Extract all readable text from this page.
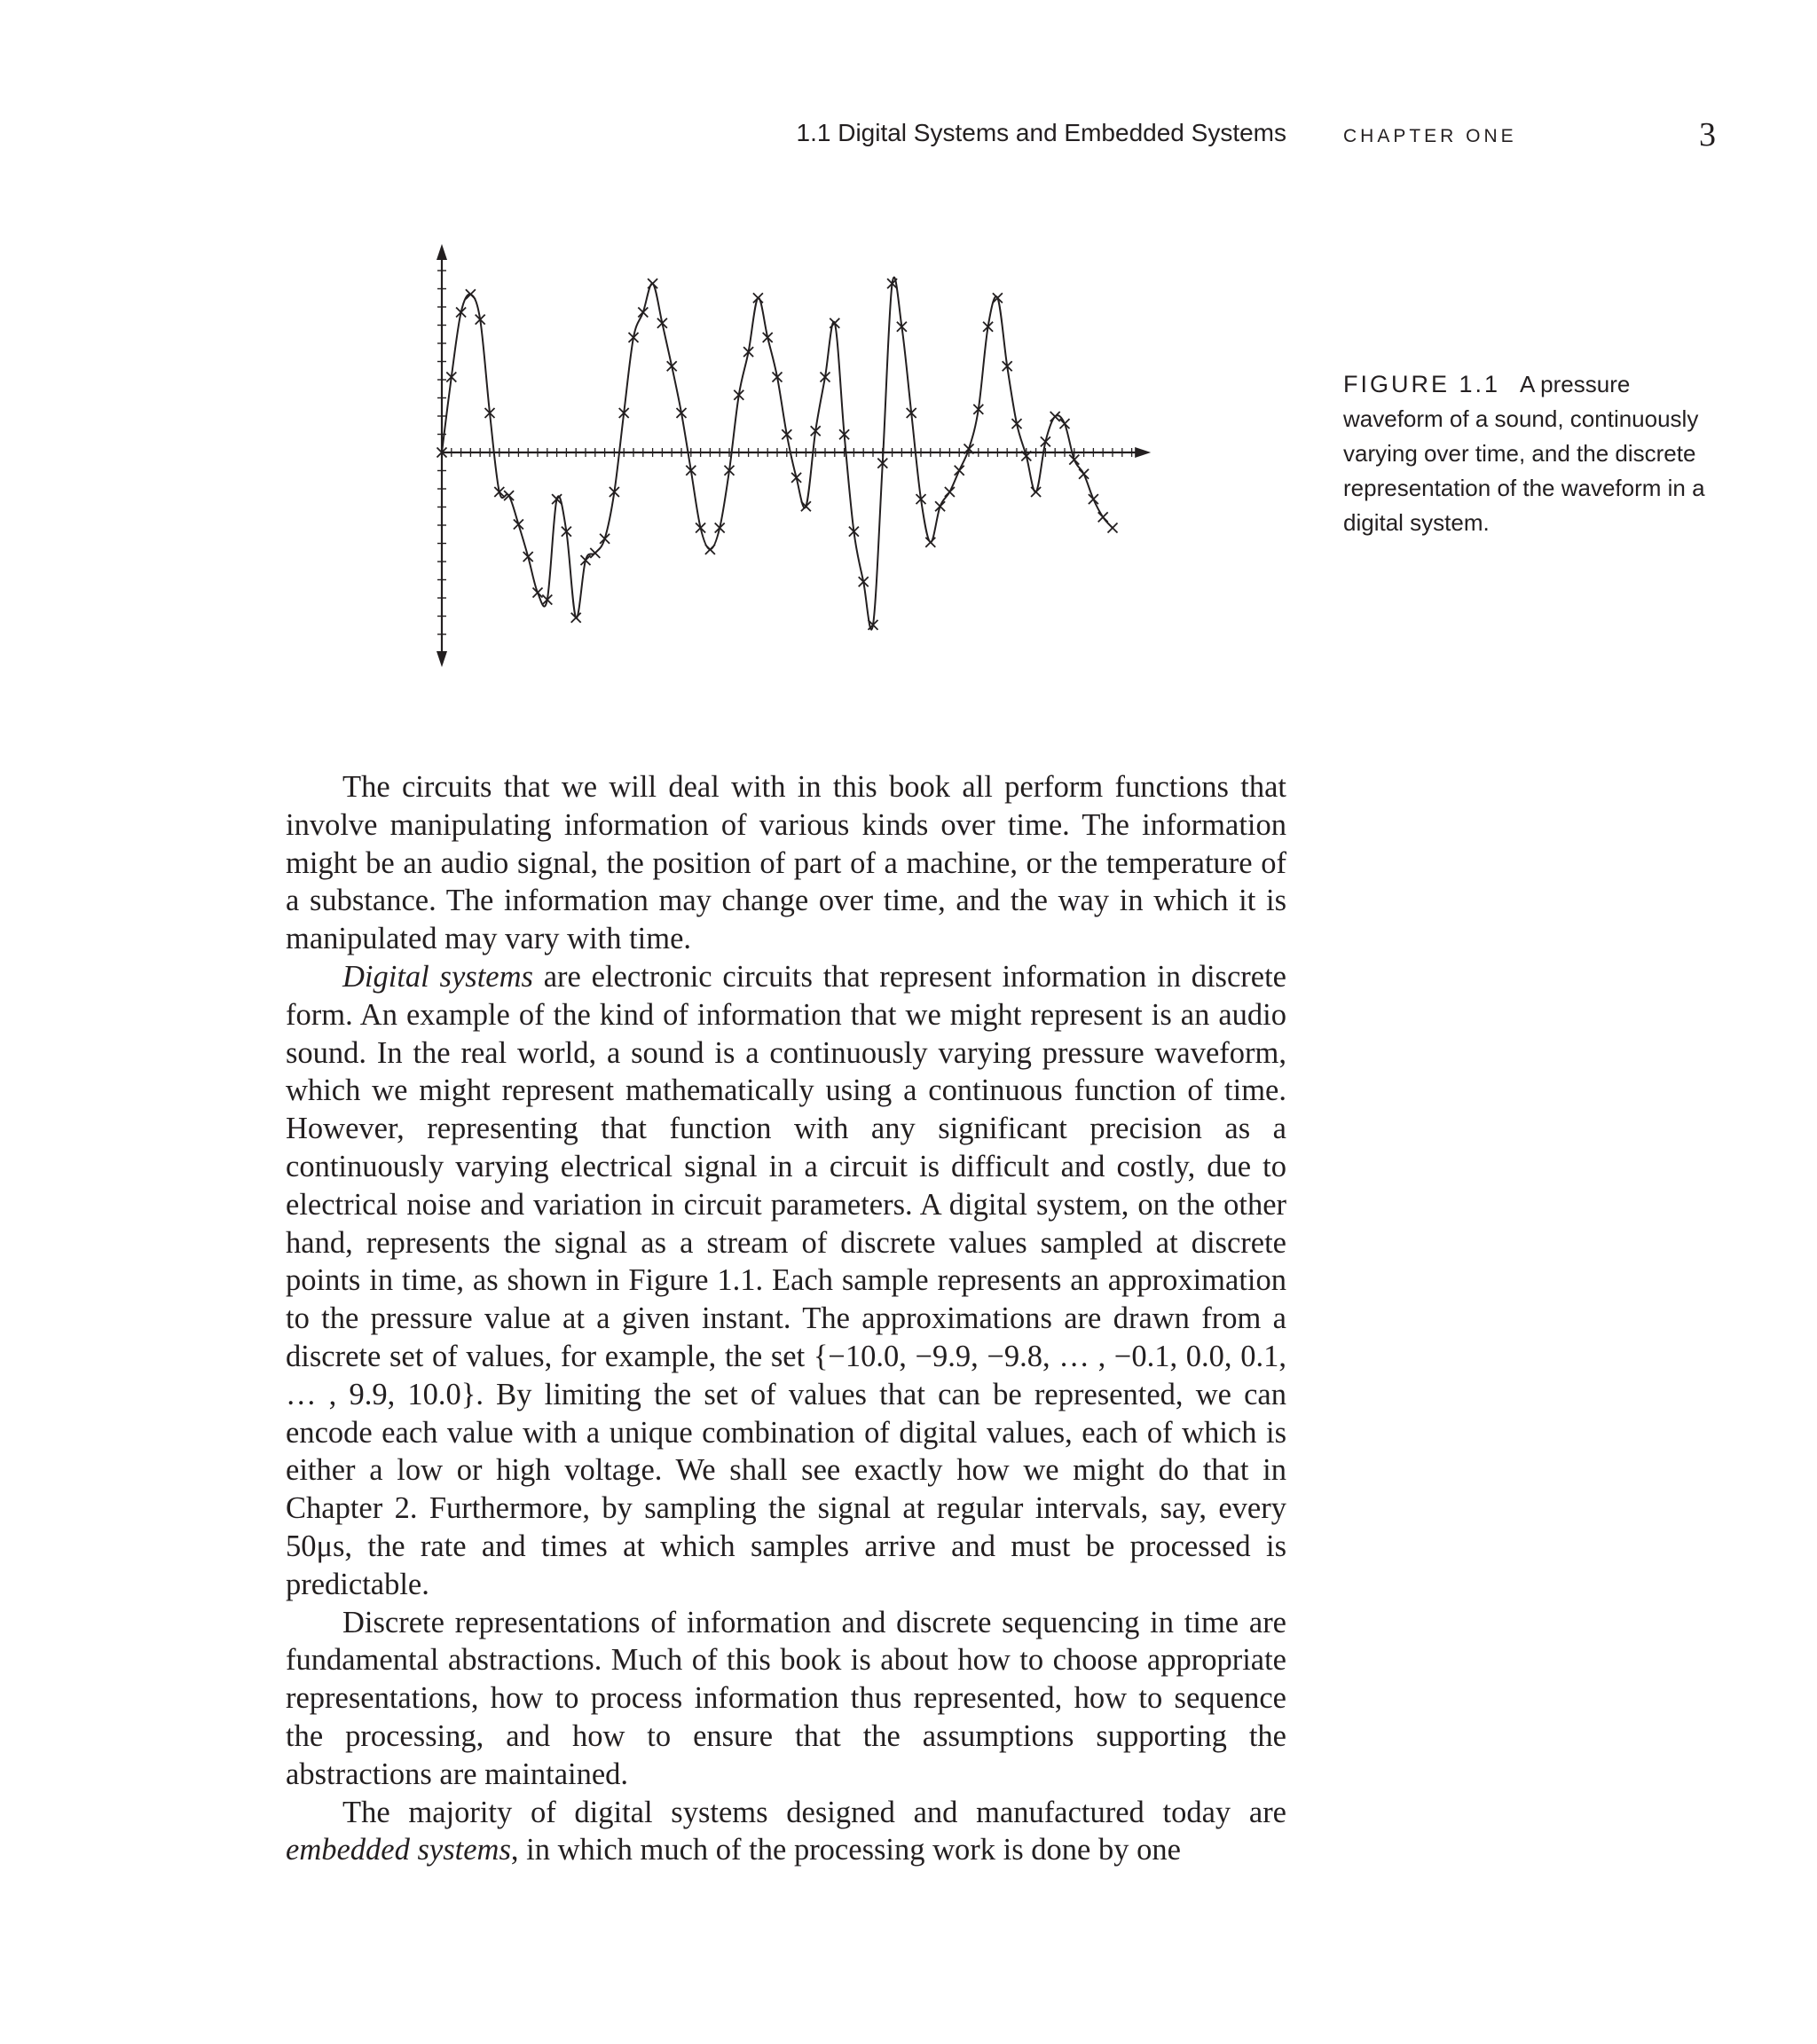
1.1 Digital Systems and Embedded Systems	CHAPTER ONE	3
FIGURE 1.1 A pressure waveform of a sound, continuously varying over time, and the discrete representation of the waveform in a digital system.

The circuits that we will deal with in this book all perform functions that involve manipulating information of various kinds over time. The information might be an audio signal, the position of part of a machine, or the temperature of a substance. The information may change over time, and the way in which it is manipulated may vary with time.

Digital systems are electronic circuits that represent information in discrete form. An example of the kind of information that we might represent is an audio sound. In the real world, a sound is a continuously varying pressure waveform, which we might represent mathematically using a continuous function of time. However, representing that function with any significant precision as a continuously varying electrical signal in a circuit is difficult and costly, due to electrical noise and variation in circuit parameters. A digital system, on the other hand, represents the signal as a stream of discrete values sampled at discrete points in time, as shown in Figure 1.1. Each sample represents an approximation to the pressure value at a given instant. The approximations are drawn from a discrete set of values, for example, the set {−10.0, −9.9, −9.8, … , −0.1, 0.0, 0.1, … , 9.9, 10.0}. By limiting the set of values that can be represented, we can encode each value with a unique combination of digital values, each of which is either a low or high voltage. We shall see exactly how we might do that in Chapter 2. Furthermore, by sampling the signal at regular intervals, say, every 50μs, the rate and times at which samples arrive and must be processed is predictable.

Discrete representations of information and discrete sequencing in time are fundamental abstractions. Much of this book is about how to choose appropriate representations, how to process information thus represented, how to sequence the processing, and how to ensure that the assumptions supporting the abstractions are maintained.

The majority of digital systems designed and manufactured today are embedded systems, in which much of the processing work is done by one
